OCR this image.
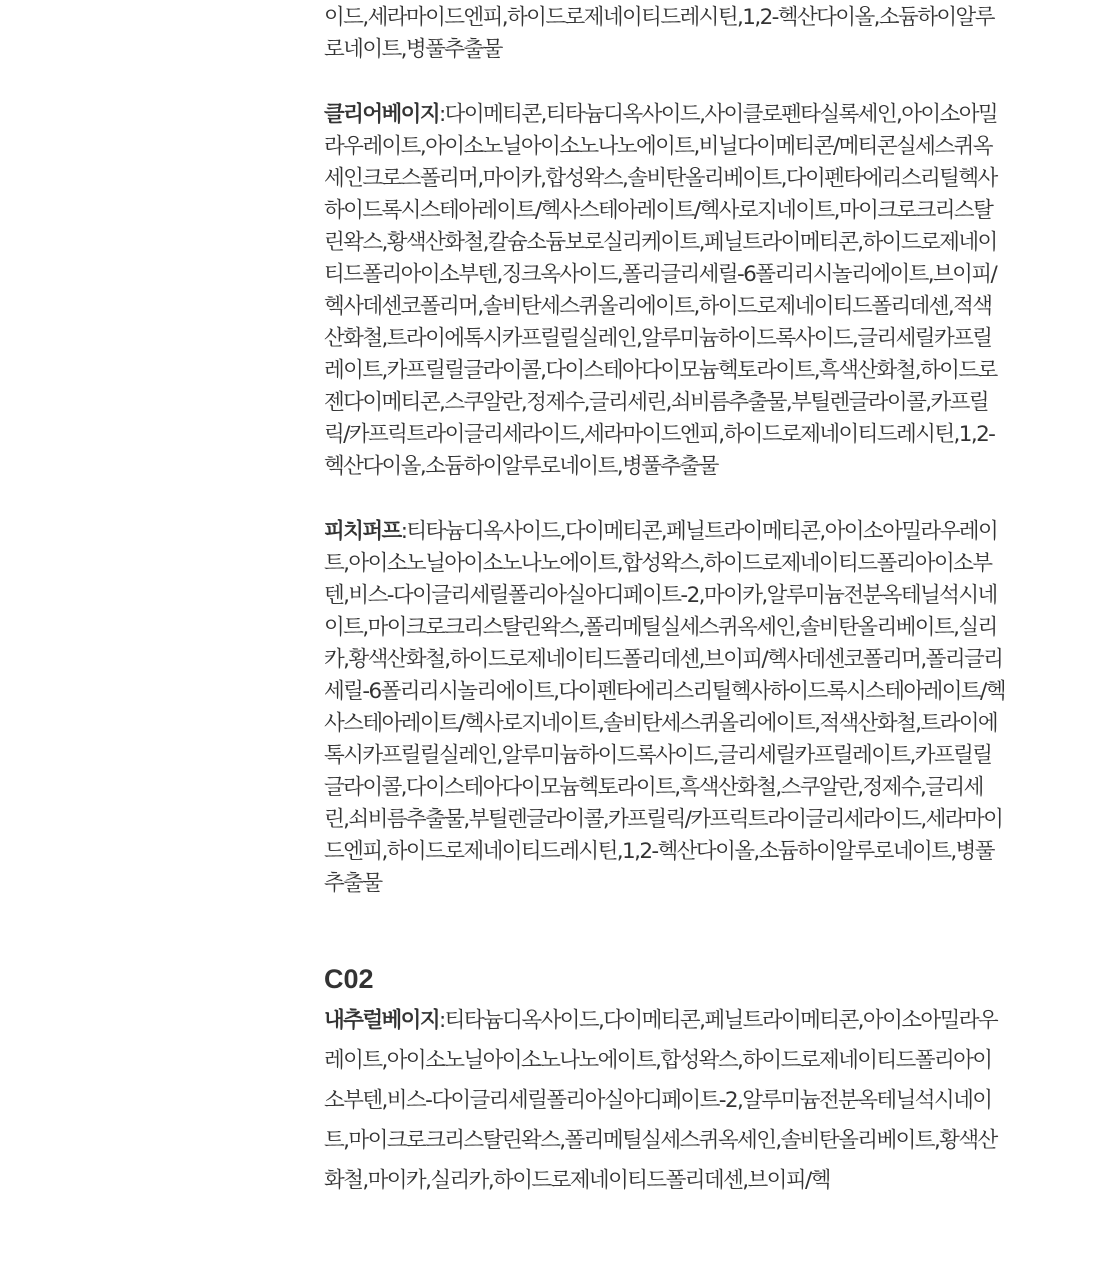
이드,세라마이드엔피,하이드로제네이티드레시틴,1,2-헥산다이올,소듐하이알루로네이트,병풀추출물

클리어베이지:다이메티콘,티타늄디옥사이드,사이클로펜타실록세인,아이소아밀라우레이트,아이소노닐아이소노나노에이트,비닐다이메티콘/메티콘실세스퀴옥세인크로스폴리머,마이카,합성왁스,솔비탄올리베이트,다이펜타에리스리틸헥사하이드록시스테아레이트/헥사스테아레이트/헥사로지네이트,마이크로크리스탈린왁스,황색산화철,칼슘소듐보로실리케이트,페닐트라이메티콘,하이드로제네이티드폴리아이소부텐,징크옥사이드,폴리글리세릴-6폴리리시놀리에이트,브이피/헥사데센코폴리머,솔비탄세스퀴올리에이트,하이드로제네이티드폴리데센,적색산화철,트라이에톡시카프릴릴실레인,알루미늄하이드록사이드,글리세릴카프릴레이트,카프릴릴글라이콜,다이스테아다이모늄헥토라이트,흑색산화철,하이드로젠다이메티콘,스쿠알란,정제수,글리세린,쇠비름추출물,부틸렌글라이콜,카프릴릭/카프릭트라이글리세라이드,세라마이드엔피,하이드로제네이티드레시틴,1,2-헥산다이올,소듐하이알루로네이트,병풀추출물

피치퍼프:티타늄디옥사이드,다이메티콘,페닐트라이메티콘,아이소아밀라우레이트,아이소노닐아이소노나노에이트,합성왁스,하이드로제네이티드폴리아이소부텐,비스-다이글리세릴폴리아실아디페이트-2,마이카,알루미늄전분옥테닐석시네이트,마이크로크리스탈린왁스,폴리메틸실세스퀴옥세인,솔비탄올리베이트,실리카,황색산화철,하이드로제네이티드폴리데센,브이피/헥사데센코폴리머,폴리글리세릴-6폴리리시놀리에이트,다이펜타에리스리틸헥사하이드록시스테아레이트/헥사스테아레이트/헥사로지네이트,솔비탄세스퀴올리에이트,적색산화철,트라이에톡시카프릴릴실레인,알루미늄하이드록사이드,글리세릴카프릴레이트,카프릴릴글라이콜,다이스테아다이모늄헥토라이트,흑색산화철,스쿠알란,정제수,글리세린,쇠비름추출물,부틸렌글라이콜,카프릴릭/카프릭트라이글리세라이드,세라마이드엔피,하이드로제네이티드레시틴,1,2-헥산다이올,소듐하이알루로네이트,병풀추출물

C02

내추럴베이지:티타늄디옥사이드,다이메티콘,페닐트라이메티콘,아이소아밀라우레이트,아이소노닐아이소노나노에이트,합성왁스,하이드로제네이티드폴리아이소부텐,비스-다이글리세릴폴리아실아디페이트-2,알루미늄전분옥테닐석시네이트,마이크로크리스탈린왁스,폴리메틸실세스퀴옥세인,솔비탄올리베이트,황색산화철,마이카,실리카,하이드로제네이티드폴리데센,브이피/헥
